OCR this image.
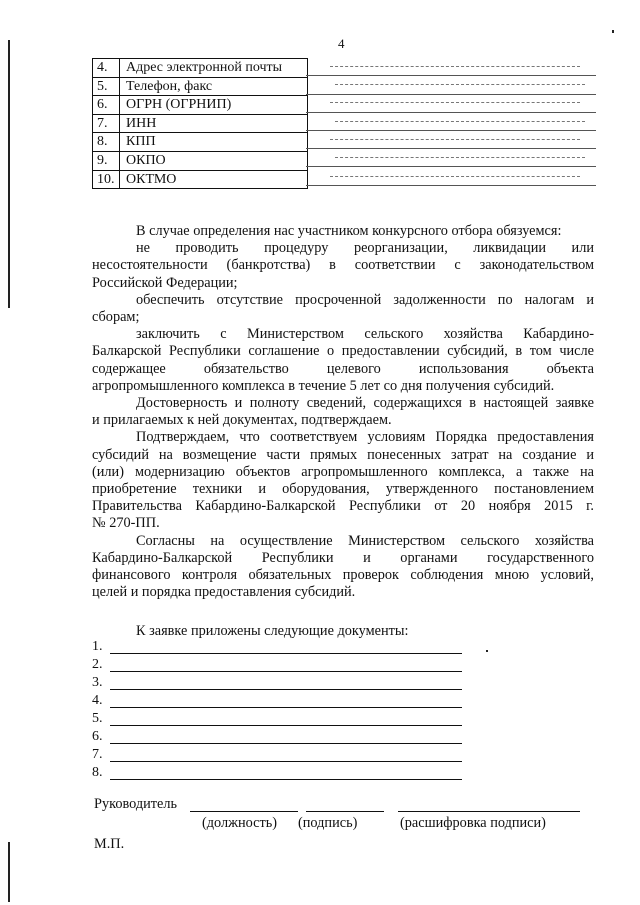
4
4.	Адрес электронной почты
5.	Телефон, факс
6.	ОГРН (ОГРНИП)
7.	ИНН
8.	КПП
9.	ОКПО
10. ОКТМО
В случае определения нас участником конкурсного отбора обязуемся:
не проводить процедуру реорганизации, ликвидации или
несостоятельности (банкротства) в соответствии с законодательством
Российской Федерации;
обеспечить отсутствие просроченной задолженности по налогам и
сборам;
заключить с Министерством сельского хозяйства Кабардино-
Балкарской Республики соглашение о предоставлении субсидий, в том числе
содержащее обязательство целевого использования объекта
агропромышленного комплекса в течение 5 лет со дня получения субсидий.
Достоверность и полноту сведений, содержащихся в настоящей заявке
и прилагаемых к ней документах, подтверждаем.
Подтверждаем, что соответствуем условиям Порядка предоставления
субсидий на возмещение части прямых понесенных затрат на создание и
(или) модернизацию объектов агропромышленного комплекса, а также на
приобретение техники и оборудования, утвержденного постановлением
Правительства Кабардино-Балкарской Республики от 20 ноября 2015 г.
№ 270-ПП.
Согласны на осуществление Министерством сельского хозяйства
Кабардино-Балкарской Республики и органами государственного
финансового контроля обязательных проверок соблюдения мною условий,
целей и порядка предоставления субсидий.
К заявке приложены следующие документы:
1.
2.
3.
4.
5.
6.
7.
8.
Руководитель
(должность) (подпись)	(расшифровка подписи)
М.П.
